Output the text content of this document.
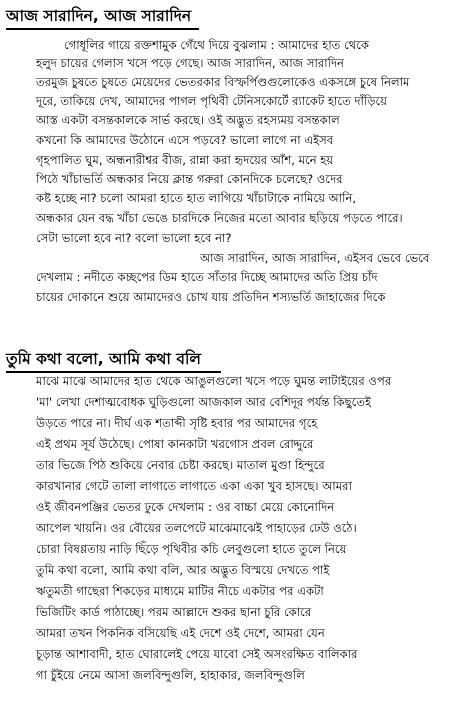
আজ সারাদিন, আজ সারাদিন
গোধূলির গায়ে রক্তশামুক গেঁথে দিয়ে বুঝলাম : আমাদের হাত থেকে
হলুদ চায়ের গেলাস খসে পড়ে গেছে। আজ সারাদিন, আজ সারাদিন
তরমুজ চুষতে চুষতে মেয়েদের ভেতরকার বিস্ফর্পিণ্ডগুলোকেও একসঙ্গে চুষে নিলাম
দূরে, তাকিয়ে দেখ, আমাদের পাগল পৃথিবী টেনিসকোর্টে র‍্যাকেট হাতে দাঁড়িয়ে
আস্ত একটা বসন্তকালকে সার্ভ করছে। ওই অদ্ভুত রহস্যময় বসন্তকাল
কখনো কি আমাদের উঠোনে এসে পড়বে? ভালো লাগে না এইসব
গৃহপালিত ঘুম, অন্ধনারীশ্বর বীজ, রান্না করা হৃদয়ের আঁশ, মনে হয়
পিঠে খাঁচাভর্তি অন্ধকার নিয়ে ক্লান্ত গরুরা কোনদিকে চলেছে? ওদের
কষ্ট হচ্ছে না? চলো আমরা হাতে হাত লাগিয়ে খাঁচাটাকে নামিয়ে আনি,
অন্ধকার যেন বদ্ধ খাঁচা ভেঙে চারদিকে নিজের মতো আবার ছড়িয়ে পড়তে পারে।
সেটা ভালো হবে না? বলো ভালো হবে না?
আজ সারাদিন, আজ সারাদিন, এইসব ভেবে ভেবে
দেখলাম : নদীতে কচ্ছপের ডিম হাতে সাঁতার দিচ্ছে আমাদের অতি প্রিয় চাঁদ
চায়ের দোকানে শুয়ে আমাদেরও চোখ যায় প্রতিদিন শস্যভর্তি জাহাজের দিকে
তুমি কথা বলো, আমি কথা বলি
মাঝে মাঝে আমাদের হাত থেকে আঙুলগুলো খসে পড়ে ঘুমন্ত লাটাইয়ের ওপর
'মা' লেখা দেশাত্মবোধক ঘুড়িগুলো আজকাল আর বেশিদূর পর্যন্ত কিছুতেই
উড়তে পারে না। দীর্ঘ এক শতাব্দী সৃষ্টি হবার পর আমাদের গৃহে
এই প্রথম সূর্য উঠেছে। পোষা কানকাটা খরগোস প্রবল রোদ্দুরে
তার ভিজে পিঠ শুকিয়ে নেবার চেষ্টা করছে। মাতাল মুগুা হিন্দুরে
কারখানার গেটে তালা লাগাতে লাগাতে একা একা খুব হাসছে। আমরা
ওই জীবনপঞ্জির ভেতর ঢুকে দেখলাম : ওর বাচ্চা মেয়ে কোনোদিন
আপেল খায়নি। ওর বৌয়ের তলপেটে মাঝেমাঝেই পাহাড়ের ঢেউ ওঠে।
চোরা বিষণ্ণতায় নাড়ি ছিঁড়ে পৃথিবীর কচি লেবুগুলো হাতে তুলে নিয়ে
তুমি কথা বলো, আমি কথা বলি, আর অদ্ভুত বিস্ময়ে দেখতে পাই
ঋতুমতী গাছেরা শিকড়ের মাধ্যমে মাটির নীচে একটার পর একটা
ভিজিটিং কার্ড পাঠাচ্ছে। পরম আল্লাদে শুকর ছানা চুরি কোরে
আমরা তখন পিকনিক বসিয়েছি এই দেশে ওই দেশে, আমরা যেন
চূড়ান্ত আশাবাদী, হাত ঘোরালেই পেয়ে যাবো সেই অসংরক্ষিত বালিকার
গা চুঁইয়ে নেমে আসা জলবিন্দুগুলি, হাহাকার, জলবিন্দুগুলি
